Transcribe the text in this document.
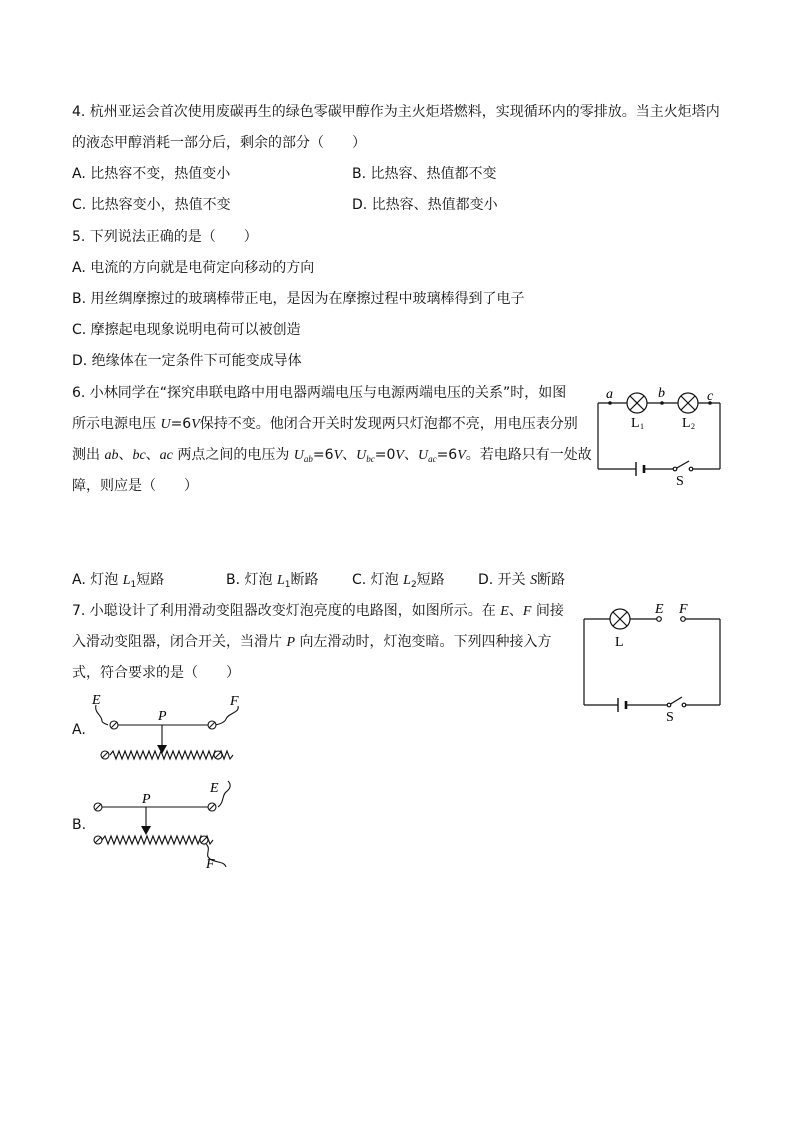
4. 杭州亚运会首次使用废碳再生的绿色零碳甲醇作为主火炬塔燃料，实现循环内的零排放。当主火炬塔内
的液态甲醇消耗一部分后，剩余的部分（　　）
A. 比热容不变，热值变小	B. 比热容、热值都不变
C. 比热容变小，热值不变	D. 比热容、热值都变小
5. 下列说法正确的是（　　）
A. 电流的方向就是电荷定向移动的方向
B. 用丝绸摩擦过的玻璃棒带正电，是因为在摩擦过程中玻璃棒得到了电子
C. 摩擦起电现象说明电荷可以被创造
D. 绝缘体在一定条件下可能变成导体
6. 小林同学在“探究串联电路中用电器两端电压与电源两端电压的关系”时，如图
所示电源电压 U=6V保持不变。他闭合开关时发现两只灯泡都不亮，用电压表分别
测出 ab、bc、ac 两点之间的电压为 $U_{ab}=6V$、$U_{bc}=0V$、$U_{ac}=6V$。若电路只有一处故
障，则应是（　　）
A. 灯泡 $L_1$短路	B. 灯泡 $L_1$断路 C. 灯泡 $L_2$短路 D. 开关 S断路
a	b	c
L 1	L 2
S
7. 小聪设计了利用滑动变阻器改变灯泡亮度的电路图，如图所示。在 E、F 间接
入滑动变阻器，闭合开关，当滑片 P 向左滑动时，灯泡变暗。下列四种接入方
式，符合要求的是（　　）
E F
L
S
A.
E	F
P
B.
E
F
P
